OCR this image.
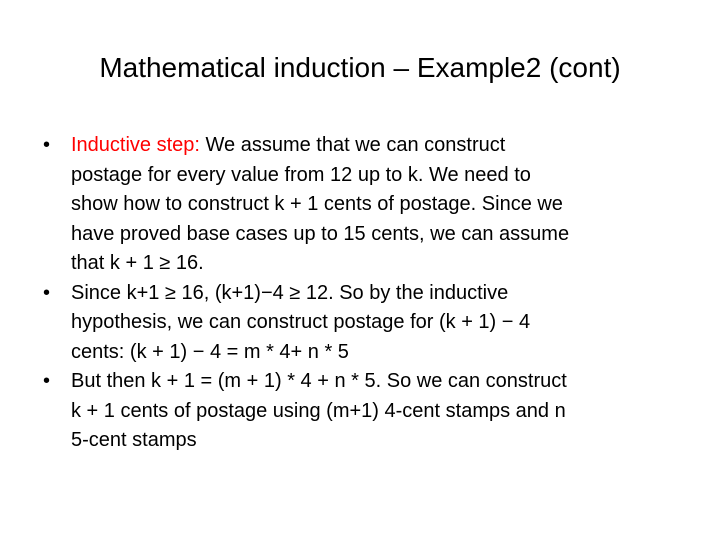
Mathematical induction – Example2 (cont)
• Inductive step: We assume that we can construct
postage for every value from 12 up to k. We need to
show how to construct k + 1 cents of postage. Since we
have proved base cases up to 15 cents, we can assume
that k + 1 ≥ 16.
• Since k+1 ≥ 16, (k+1)−4 ≥ 12. So by the inductive
hypothesis, we can construct postage for (k + 1) − 4
cents: (k + 1) − 4 = m * 4+ n * 5
• But then k + 1 = (m + 1) * 4 + n * 5. So we can construct
k + 1 cents of postage using (m+1) 4-cent stamps and n
5-cent stamps
